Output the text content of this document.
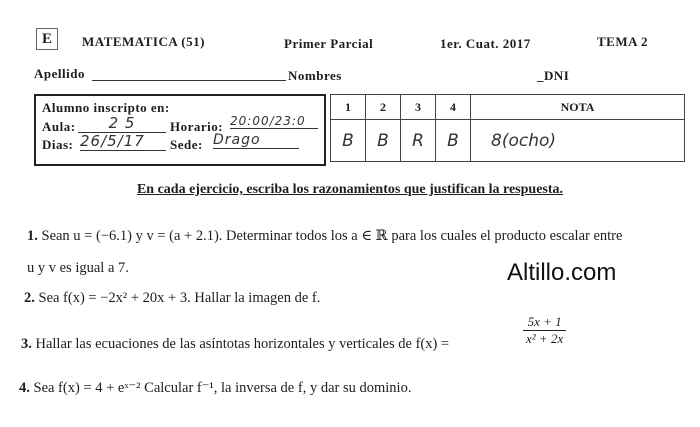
E	MATEMATICA (51)	Primer Parcial	1er. Cuat. 2017	TEMA 2
Apellido	Nombres	_DNI
Alumno inscripto en:
Aula:	2 5	Horario: 20:00/23:0
Dias: 26/5/17	Sede: Drago
1	2	3	4	NOTA
B	B	R	B	8(ocho)
En cada ejercicio, escriba los razonamientos que justifican la respuesta.
Altillo.com
1. Sean u = (−6.1) y v = (a + 2.1). Determinar todos los a ∈ ℝ para los cuales el producto escalar entre
u y v es igual a 7.
2. Sea f(x) = −2x² + 20x + 3. Hallar la imagen de f.
3. Hallar las ecuaciones de las asíntotas horizontales y verticales de f(x) =	$\frac{5x + 1}{\text{x² + 2x}}$
4. Sea f(x) = 4 + eˣ⁻² Calcular f⁻¹, la inversa de f, y dar su dominio.
